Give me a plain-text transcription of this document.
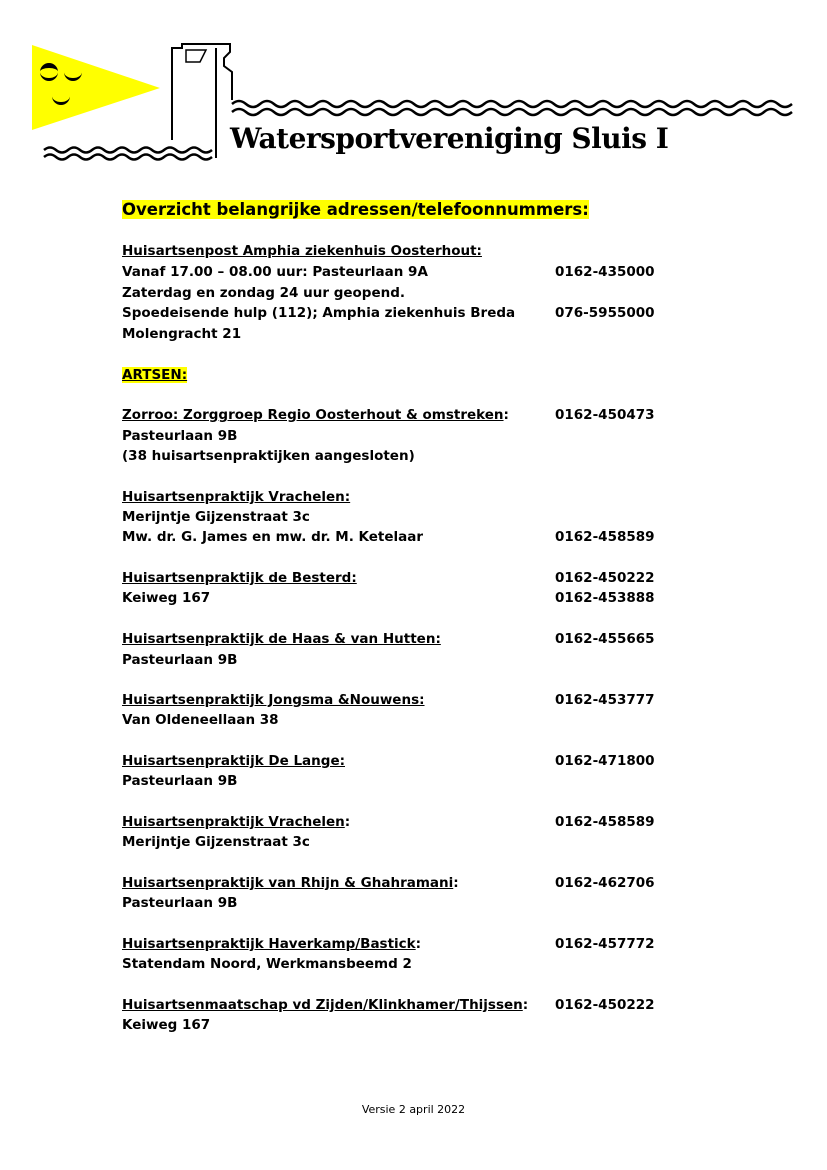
Watersportvereniging Sluis I
Overzicht belangrijke adressen/telefoonnummers:
Huisartsenpost Amphia ziekenhuis Oosterhout:
Vanaf 17.00 – 08.00 uur: Pasteurlaan 9A	0162-435000
Zaterdag en zondag 24 uur geopend.
Spoedeisende hulp (112); Amphia ziekenhuis Breda	076-5955000
Molengracht 21
ARTSEN:
Zorroo: Zorggroep Regio Oosterhout & omstreken:	0162-450473
Pasteurlaan 9B
(38 huisartsenpraktijken aangesloten)
Huisartsenpraktijk Vrachelen:
Merijntje Gijzenstraat 3c
Mw. dr. G. James en mw. dr. M. Ketelaar	0162-458589
Huisartsenpraktijk de Besterd:	0162-450222
Keiweg 167	0162-453888
Huisartsenpraktijk de Haas & van Hutten:	0162-455665
Pasteurlaan 9B
Huisartsenpraktijk Jongsma &Nouwens:	0162-453777
Van Oldeneellaan 38
Huisartsenpraktijk De Lange:	0162-471800
Pasteurlaan 9B
Huisartsenpraktijk Vrachelen:	0162-458589
Merijntje Gijzenstraat 3c
Huisartsenpraktijk van Rhijn & Ghahramani:	0162-462706
Pasteurlaan 9B
Huisartsenpraktijk Haverkamp/Bastick:	0162-457772
Statendam Noord, Werkmansbeemd 2
Huisartsenmaatschap vd Zijden/Klinkhamer/Thijssen: 0162-450222
Keiweg 167
Versie 2 april 2022
